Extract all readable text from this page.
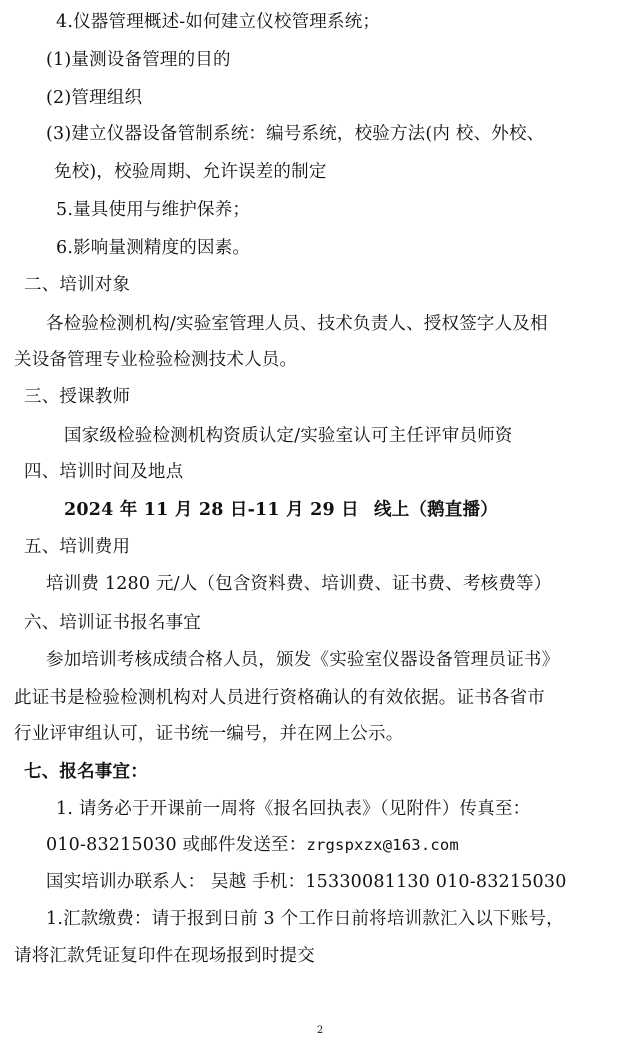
4.仪器管理概述-如何建立仪校管理系统；
(1)量测设备管理的目的
(2)管理组织
(3)建立仪器设备管制系统：编号系统，校验方法(内 校、外校、
免校)，校验周期、允许误差的制定
5.量具使用与维护保养；
6.影响量测精度的因素。
二、培训对象
各检验检测机构/实验室管理人员、技术负责人、授权签字人及相
关设备管理专业检验检测技术人员。
三、授课教师
国家级检验检测机构资质认定/实验室认可主任评审员师资
四、培训时间及地点
2024 年 11 月 28 日-11 月 29 日 线上（鹅直播）
五、培训费用
培训费 1280 元/人（包含资料费、培训费、证书费、考核费等）
六、培训证书报名事宜
参加培训考核成绩合格人员，颁发《实验室仪器设备管理员证书》
此证书是检验检测机构对人员进行资格确认的有效依据。证书各省市
行业评审组认可，证书统一编号，并在网上公示。
七、报名事宜：
1. 请务必于开课前一周将《报名回执表》（见附件）传真至：
010-83215030 或邮件发送至：zrgspxzx@163.com
国实培训办联系人： 吴越 手机：15330081130 010-83215030
1.汇款缴费：请于报到日前 3 个工作日前将培训款汇入以下账号，
请将汇款凭证复印件在现场报到时提交
2
